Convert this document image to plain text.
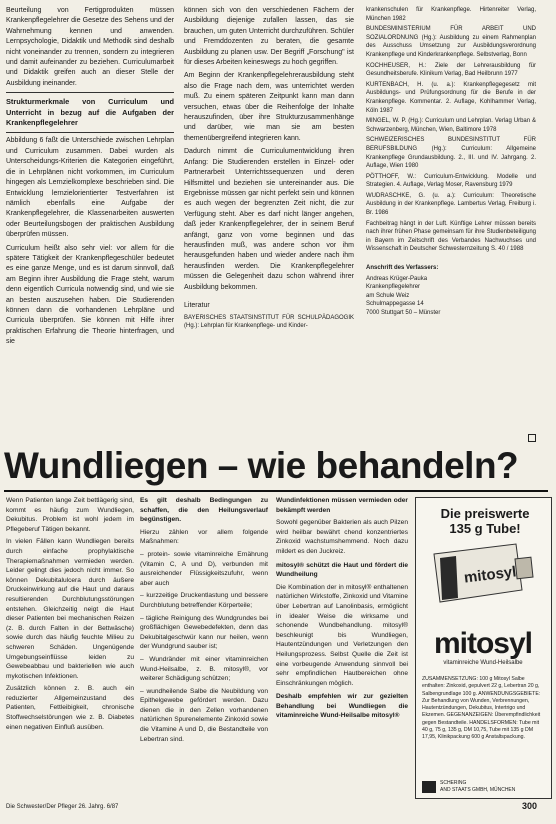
Beurteilung von Fertigprodukten müssen Krankenpflegelehrer die Gesetze des Sehens und der Wahrnehmung kennen und anwenden. Lernpsychologie, Didaktik und Methodik sind deshalb nicht voneinander zu trennen, sondern zu integrieren und damit aufeinander zu beziehen. Curriculumarbeit und Didaktik greifen auch an dieser Stelle der Ausbildung ineinander.

Strukturmerkmale von Curriculum und Unterricht in bezug auf die Aufgaben der Krankenpflegelehrer

Abbildung 6 faßt die Unterschiede zwischen Lehrplan und Curriculum zusammen. Dabei wurden als Unterscheidungs-Kriterien die Kategorien eingeführt, die in Lehrplänen nicht vorkommen, im Curriculum hingegen als Lernzielkomplexe beschrieben sind. Die Entwicklung lernzielorientierter Testverfahren ist nämlich ebenfalls eine Aufgabe der Krankenpflegelehrer, die Klassenarbeiten auswerten oder Beurteilungsbogen der praktischen Ausbildung überprüfen müssen.

Curriculum heißt also sehr viel: vor allem für die spätere Tätigkeit der Krankenpflegeschüler bedeutet es eine ganze Menge, und es ist darum sinnvoll, daß am Beginn ihrer Ausbildung die Frage steht, warum denn eigentlich Curricula notwendig sind, und wie sie an besten auszusehen haben. Die Studierenden können dann die vorhandenen Lehrpläne und Curricula überprüfen. Sie können mit Hilfe ihrer praktischen Erfahrung die Theorie hinterfragen, und sie

können sich von den verschiedenen Fächern der Ausbildung diejenige zufallen lassen, das sie brauchen, um guten Unterricht durchzuführen. Schüler und Fremddozenten zu beraten, die gesamte Ausbildung zu planen usw. Der Begriff „Forschung" ist für dieses Arbeiten keineswegs zu hoch gegriffen.

Am Beginn der Krankenpflegelehrerausbildung steht also die Frage nach dem, was unterrichtet werden muß. Zu einem späteren Zeitpunkt kann man dann versuchen, etwas über die Reihenfolge der Inhalte herauszufinden, über ihre Strukturzusammenhänge und darüber, wie man sie am besten themenübergreifend integrieren kann.

Dadurch nimmt die Curriculumentwicklung ihren Anfang: Die Studierenden erstellen in Einzel- oder Partnerarbeit Unterrichtssequenzen und deren Hilfsmittel und beziehen sie untereinander aus. Die Ergebnisse müssen gar nicht perfekt sein und können es auch wegen der begrenzten Zeit nicht, die zur Verfügung steht. Aber es darf nicht länger angehen, daß jeder Krankenpflegelehrer, der in seinem Beruf anfängt, ganz von vorne beginnen und das herausfinden muß, was andere schon vor ihm herausgefunden haben und wieder andere nach ihm herausfinden werden. Die Krankenpflegelehrer müssen die Gelegenheit dazu schon während ihrer Ausbildung bekommen.

Literatur

BAYERISCHES STAATSINSTITUT FÜR SCHULPÄDAGOGIK (Hg.): Lehrplan für Krankenpflege- und Kinder-

krankenschulen für Krankenpflege. Hirtenreiter Verlag, München 1982

BUNDESMINISTERIUM FÜR ARBEIT UND SOZIALORDNUNG (Hg.): Ausbildung zu einem Rahmenplan des Ausschuss Umsetzung zur Ausbildungsverordnung Krankenpflege und Kinderkrankenpflege. Selbstverlag, Bonn

KOCHHEUSER, H.: Ziele der Lehrerausbildung für Gesundheitsberufe. Klinikum Verlag, Bad Heilbrunn 1977

KURTENBACH, H. (u. a.): Krankenpflegegesetz mit Ausbildungs- und Prüfungsordnung für die Berufe in der Krankenpflege. Kommentar. 2. Auflage, Kohlhammer Verlag, Köln 1987

MINGEL, W. P. (Hg.): Curriculum und Lehrplan. Verlag Urban & Schwarzenberg, München, Wien, Baltimore 1978

SCHWEIZERISCHES BUNDESINSTITUT FÜR BERUFSBILDUNG (Hg.): Curriculum: Allgemeine Krankenpflege Grundausbildung. 2., III. und IV. Jahrgang. 2. Auflage, Wien 1980

PÖTTHOFF, W.: Curriculum-Entwicklung. Modelle und Strategien. 4. Auflage, Verlag Moser, Ravensburg 1979

WUDRASCHKE, G. (u. a.): Curriculum: Theoretische Ausbildung in der Krankenpflege. Lambertus Verlag, Freiburg i. Br. 1986

Fachbeitrag hängt in der Luft. Künftige Lehrer müssen bereits nach ihrer frühen Phase gemeinsam für ihre Studienbeteiligung in Bayern im Zeitschrift des Verbandes Nachwuchses und Wissenschaft in Deutscher Schwesternzeitung S. 40 / 1988

Anschrift des Verfassers:

Andreas Krüger-Pauka

Krankenpflegelehrer

am Schule Weiz

Schulmappegasse 14

7000 Stuttgart 50 – Münster

Wundliegen – wie behandeln?

Wenn Patienten lange Zeit bettlägerig sind, kommt es häufig zum Wundliegen, Dekubitus. Problem ist wohl jedem im Pflegeberuf Tätigen bekannt.

In vielen Fällen kann Wundliegen bereits durch einfache prophylaktische Therapiemaßnahmen vermieden werden. Leider gelingt dies jedoch nicht immer. So können Dekubitalulcera durch äußere Druckeinwirkung auf die Haut und daraus resultierenden Durchblutungsstörungen entstehen. Gleichzeitig neigt die Haut dieser Patienten bei mechanischen Reizen (z. B. durch Falten in der Bettwäsche) sowie durch das häufig feuchte Milieu zu schweren Schäden. Ungenügende Umgebungseinflüsse leiden zu Gewebeabbau und bakteriellen wie auch mykotischen Infektionen.

Zusätzlich können z. B. auch ein reduzierter Allgemeinzustand des Patienten, Fettleibigkeit, chronische Stoffwechselstörungen wie z. B. Diabetes einen negativen Einfluß ausüben.

Es gilt deshalb Bedingungen zu schaffen, die den Heilungsverlauf begünstigen.

Hierzu zählen vor allem folgende Maßnahmen:

– protein- sowie vitaminreiche Ernährung (Vitamin C, A und D), verbunden mit ausreichender Flüssigkeitszufuhr, wenn aber auch

– kurzzeitige Druckentlastung und bessere Durchblutung betreffender Körperteile;

– tägliche Reinigung des Wundgrundes bei großflächigen Gewebedefekten, denn das Dekubitalgeschwür kann nur heilen, wenn der Wundgrund sauber ist;

– Wundränder mit einer vitaminreichen Wund-Heilsalbe, z. B. mitosyl®, vor weiterer Schädigung schützen;

– wundheilende Salbe die Neubildung von Epithelgewebe gefördert werden. Dazu dienen die in den Zellen vorhandenen natürlichen Spurenelemente Zinkoxid sowie die Vitamine A und D, die Bestandteile von Lebertran sind.

Wundinfektionen müssen vermieden oder bekämpft werden

Sowohl gegenüber Bakterien als auch Pilzen wird heilbar bewährt chend konzentriertes Zinkoxid wachstumshemmend. Noch dazu mildert es den Juckreiz.

mitosyl® schützt die Haut und fördert die Wundheilung

Die Kombination der in mitosyl® enthaltenen natürlichen Wirkstoffe, Zinkoxid und Vitamine über Lebertran auf Lanolinbasis, ermöglicht in idealer Weise die wirksame und schonende Wundbehandlung. mitosyl® beschleunigt bis Wundliegen, Hautentzündungen und Verletzungen den Heilungsprozess. Selbst Quelle die Zeit ist eine vorbeugende Anwendung sinnvoll bei sehr empfindlichen Hautbereichen ohne Einschränkungen möglich.

Deshalb empfehlen wir zur gezielten Behandlung bei Wundliegen die vitaminreiche Wund-Heilsalbe mitosyl®

Die preiswerte
135 g Tube!
mitosyl
mitosyl
vitaminreiche Wund-Heilsalbe
ZUSAMMENSETZUNG: 100 g Mitosyl Salbe enthalten: Zinkoxid, gepulvert 22 g, Lebertran 20 g, Salbengrundlage 100 g. ANWENDUNGSGEBIETE: Zur Behandlung von Wunden, Verbrennungen, Hautentzündungen, Dekubitus, Intertrigo und Ekzemen. GEGENANZEIGEN: Überempfindlichkeit gegen Bestandteile. HANDELSFORMEN: Tube mit 40 g, 75 g, 135 g, DM 10,75, Tube mit 135 g DM 17,95, Klinikpackung 600 g Anstaltspackung.
SCHERING
AND STAATS GMBH, MÜNCHEN
Die Schwester/Der Pfleger 26. Jahrg. 6/87	300
